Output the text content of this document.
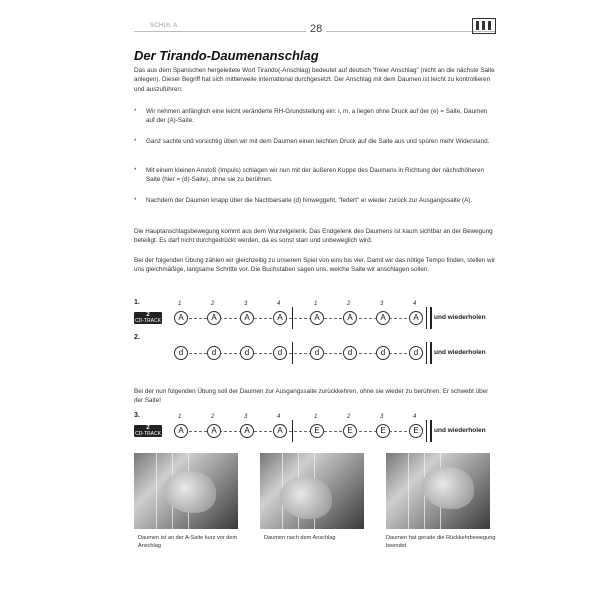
SCHUL A	28
Der Tirando-Daumenanschlag

Das aus dem Spanischen hergeleitete Wort Tirando(-Anschlag) bedeutet auf deutsch "freier Anschlag" (nicht an die nächste Saite anlegen). Dieser Begriff hat sich mittlerweile international durchgesetzt. Der Anschlag mit dem Daumen ist leicht zu kontrollieren und auszuführen:

* Wir nehmen anfänglich eine leicht veränderte RH-Grundstellung ein: i, m, a liegen ohne Druck auf der (e) = Saite, Daumen auf der (A)-Saite.
* Ganz sachte und vorsichtig üben wir mit dem Daumen einen leichten Druck auf die Saite aus und spüren mehr Widerstand.
* Mit einem kleinen Anstoß (Impuls) schlagen wir nun mit der äußeren Kuppe des Daumens in Richtung der nächsthöheren Saite (hier = (d)-Saite), ohne sie zu berühren.
* Nachdem der Daumen knapp über die Nachbarsaite (d) hinweggeht, "federt" er wieder zurück zur Ausgangssaite (A).

Die Hauptanschlagsbewegung kommt aus dem Wurzelgelenk. Das Endgelenk des Daumens ist kaum sichtbar an der Bewegung beteiligt. Es darf nicht durchgedrückt werden, da es sonst starr und unbeweglich wird.

Bei der folgenden Übung zählen wir gleichzeitig zu unserem Spiel von eins bis vier. Damit wir das nötige Tempo finden, stellen wir uns gleichmäßige, langsame Schritte vor. Die Buchstaben sagen uns, welche Saite wir anschlagen sollen.

1.
2
CD-TRACK	und wiederholen
1	2	3	4	1	2	3	4
A	A	A	A	A	A	A	A
2.
und wiederholen
d	d	d	d	d	d	d	d

Bei der nun folgenden Übung soll der Daumen zur Ausgangssaite zurückkehren, ohne sie wieder zu berühren. Er schwebt über der Saite!

3.
2
CD-TRACK	und wiederholen
1	2	3	4	1	2	3	4
A	A	A	A	E	E	E	E
Daumen ist an der A-Saite kurz vor dem Anschlag
Daumen nach dem Anschlag	Daumen hat gerade die Rückkehrbewegung beendet
